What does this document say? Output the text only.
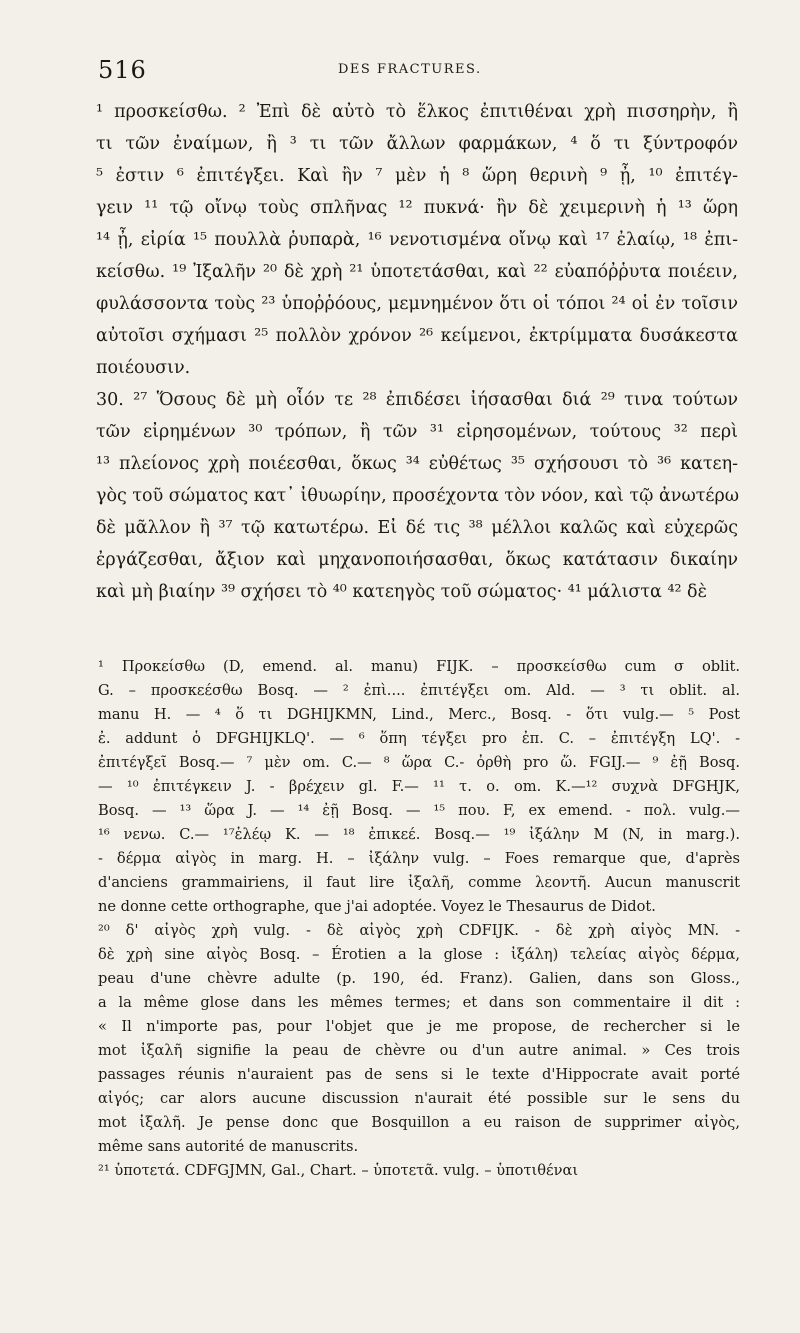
516	DES FRACTURES.
¹ προσκείσθω. ² Ἐπὶ δὲ αὐτὸ τὸ ἕλκος ἐπιτιθέναι χρὴ πισσηρὴν, ἢ
τι τῶν ἐναίμων, ἢ ³ τι τῶν ἄλλων φαρμάκων, ⁴ ὅ τι ξύντροφόν
⁵ ἐστιν ⁶ ἐπιτέγξει. Καὶ ἢν ⁷ μὲν ἡ ⁸ ὥρη θερινὴ ⁹ ᾖ, ¹⁰ ἐπιτέγ-
γειν ¹¹ τῷ οἴνῳ τοὺς σπλῆνας ¹² πυκνά· ἢν δὲ χειμερινὴ ἡ ¹³ ὥρη
¹⁴ ᾖ, εἰρία ¹⁵ πουλλὰ ῥυπαρὰ, ¹⁶ νενοτισμένα οἴνῳ καὶ ¹⁷ ἐλαίῳ, ¹⁸ ἐπι-
κείσθω. ¹⁹ Ἰξαλῆν ²⁰ δὲ χρὴ ²¹ ὑποτετάσθαι, καὶ ²² εὐαπόῤῥυτα ποιέειν,
φυλάσσοντα τοὺς ²³ ὑποῤῥόους, μεμνημένον ὅτι οἱ τόποι ²⁴ οἱ ἐν τοῖσιν
αὐτοῖσι σχήμασι ²⁵ πολλὸν χρόνον ²⁶ κείμενοι, ἐκτρίμματα δυσάκεστα
ποιέουσιν.
30. ²⁷ Ὅσους δὲ μὴ οἷόν τε ²⁸ ἐπιδέσει ἰήσασθαι διά ²⁹ τινα τούτων
τῶν εἰρημένων ³⁰ τρόπων, ἢ τῶν ³¹ εἰρησομένων, τούτους ³² περὶ
¹³ πλείονος χρὴ ποιέεσθαι, ὅκως ³⁴ εὐθέτως ³⁵ σχήσουσι τὸ ³⁶ κατεη-
γὸς τοῦ σώματος κατ᾽ ἰθυωρίην, προσέχοντα τὸν νόον, καὶ τῷ ἀνωτέρω
δὲ μᾶλλον ἢ ³⁷ τῷ κατωτέρω. Εἰ δέ τις ³⁸ μέλλοι καλῶς καὶ εὐχερῶς
ἐργάζεσθαι, ἄξιον καὶ μηχανοποιήσασθαι, ὅκως κατάτασιν δικαίην
καὶ μὴ βιαίην ³⁹ σχήσει τὸ ⁴⁰ κατεηγὸς τοῦ σώματος· ⁴¹ μάλιστα ⁴² δὲ
¹ Προκείσθω (D, emend. al. manu) FIJK. – προσκείσθω cum σ oblit.
G. – προσκεέσθω Bosq. — ² ἐπὶ.... ἐπιτέγξει om. Ald. — ³ τι oblit. al.
manu H. — ⁴ ὅ τι DGHIJKMN, Lind., Merc., Bosq. - ὅτι vulg.— ⁵ Post
ἐ. addunt ὁ DFGHIJKLQ'. — ⁶ ὅπη τέγξει pro ἐπ. C. – ἐπιτέγξη LQ'. -
ἐπιτέγξεῖ Bosq.— ⁷ μὲν om. C.— ⁸ ὥρα C.- ὀρθὴ pro ὥ. FGIJ.— ⁹ ἐῇ Bosq.
— ¹⁰ ἐπιτέγκειν J. - βρέχειν gl. F.— ¹¹ τ. ο. om. K.—¹² συχνὰ DFGHJK,
Bosq. — ¹³ ὥρα J. — ¹⁴ ἐῇ Bosq. — ¹⁵ πoυ. F, ex emend. - πολ. vulg.—
¹⁶ νενω. C.— ¹⁷ἐλέῳ K. — ¹⁸ ἐπικεέ. Bosq.— ¹⁹ ἰξάλην M (N, in marg.).
- δέρμα αἰγὸς in marg. H. – ἰξάλην vulg. – Foes remarque que, d'après
d'anciens grammairiens, il faut lire ἰξαλῆ, comme λεοντῆ. Aucun manuscrit
ne donne cette orthographe, que j'ai adoptée. Voyez le Thesaurus de Didot.
²⁰ δ' αἰγὸς χρὴ vulg. - δὲ αἰγὸς χρὴ CDFIJK. - δὲ χρὴ αἰγὸς MN. -
δὲ χρὴ sine αἰγὸς Bosq. – Érotien a la glose : ἰξάλη) τελείας αἰγὸς δέρμα,
peau d'une chèvre adulte (p. 190, éd. Franz). Galien, dans son Gloss.,
a la même glose dans les mêmes termes; et dans son commentaire il dit :
« Il n'importe pas, pour l'objet que je me propose, de rechercher si le
mot ἰξαλῆ signifie la peau de chèvre ou d'un autre animal. » Ces trois
passages réunis n'auraient pas de sens si le texte d'Hippocrate avait porté
αἰγός; car alors aucune discussion n'aurait été possible sur le sens du
mot ἰξαλῆ. Je pense donc que Bosquillon a eu raison de supprimer αἰγὸς,
même sans autorité de manuscrits.
²¹ ὑποτετά. CDFGJMN, Gal., Chart. – ὑποτετᾶ. vulg. – ὑποτιθέναι
